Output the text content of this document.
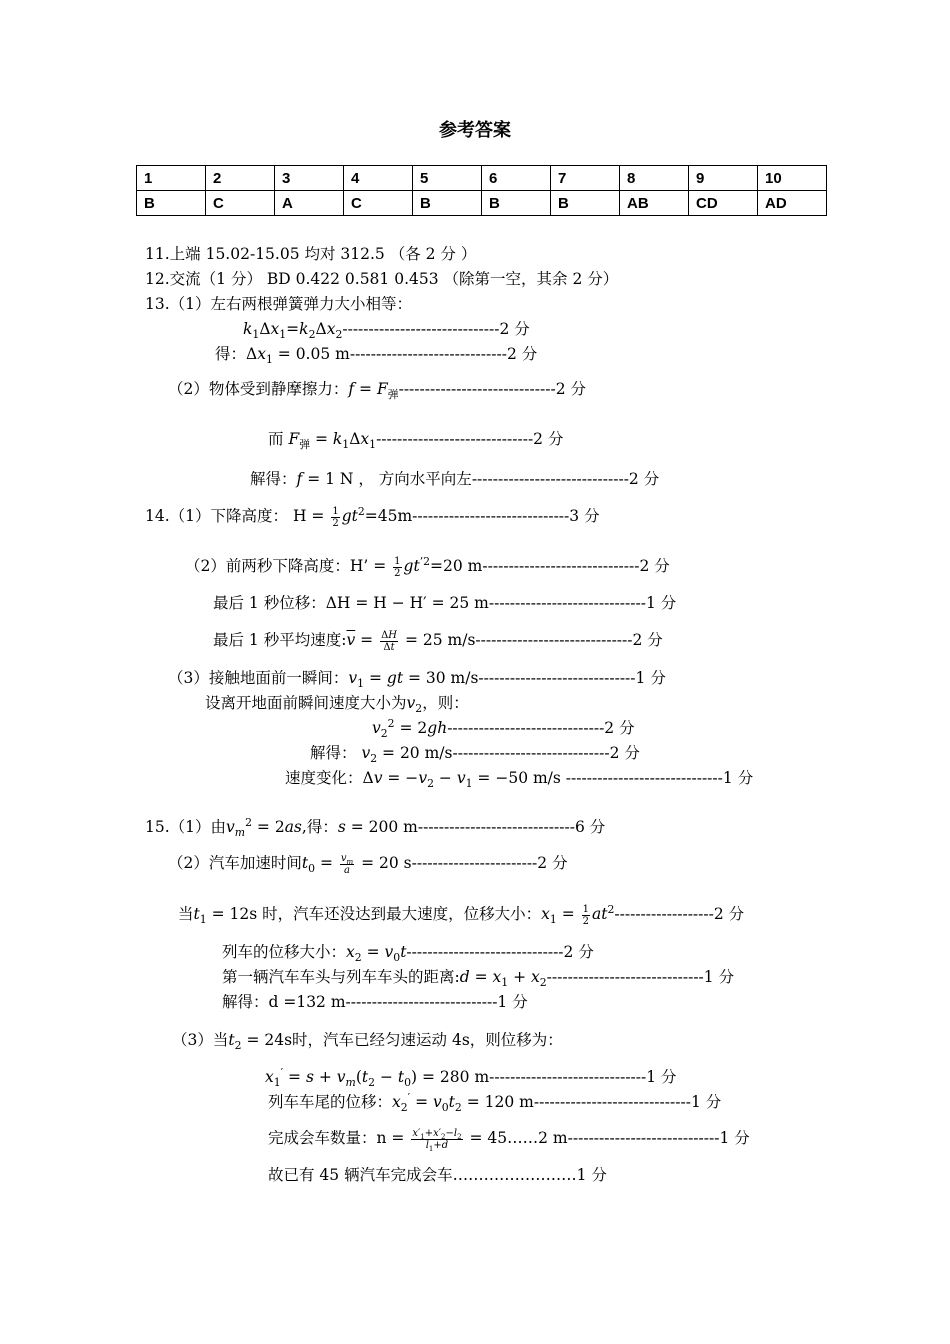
参考答案
1	2	3	4	5	6	7	8	9	10
B	C	A	C	B	B	B	AB	CD	AD
11.上端 15.02-15.05 均对 312.5 （各 2 分 ）
12.交流（1 分） BD 0.422 0.581 0.453 （除第一空，其余 2 分）
13.（1）左右两根弹簧弹力大小相等：
$k_1\Delta x_1=k_2\Delta x_2------------------------------2$ 分
得：$\Delta x_1 = 0.05$ m------------------------------2 分
（2）物体受到静摩擦力：$f = F_弹------------------------------2$ 分
而 $F_弹 = k_1\Delta x_1------------------------------2$ 分
解得：f = 1 N ， 方向水平向左------------------------------2 分
14.（1）下降高度： $H = \frac{1}{2} gt^2=45m------------------------------3$ 分
（2）前两秒下降高度：H’ = $\frac{1}{2} gt^{’2}=20$ m------------------------------2 分
最后 1 秒位移：ΔH = H − H′ = 25 m------------------------------1 分
最后 1 秒平均速度$:\overline{v} = \frac{\Delta H}{\Delta t} = 25$ m/s------------------------------2 分
（3）接触地面前一瞬间：$v_1$ = gt = 30 m/s------------------------------1 分
设离开地面前瞬间速度大小为$v_2$，则：
$v_2^2 = 2gh------------------------------2$ 分
解得： $v_2 = 20$ m/s------------------------------2 分
速度变化：$\Delta v = -v_2 - v_1 = -50$ m/s ------------------------------1 分
15.（1）由$v_m^2 = 2as$,得：s = 200 m------------------------------6 分
（2）汽车加速时间$t_0 = \frac{v_m}{a} = 20$ s------------------------2 分
当$t_1 = 12s$ 时，汽车还没达到最大速度，位移大小：$x_1 = \frac{1}{2} at^2-------------------2$ 分
列车的位移大小：$x_2 = v_0t------------------------------2$ 分
第一辆汽车车头与列车车头的距离:d = $x_1 + x_2------------------------------1$ 分
解得：d =132 m-----------------------------1 分
（3）当$t_2 = 24s$时，汽车已经匀速运动 4s，则位移为：
$x_1' = s + v_m(t_2 - t_0) = 280$ m------------------------------1 分
列车车尾的位移：$x_2' = v_0t_2 = 120$ m------------------------------1 分
完成会车数量：$n = \frac{x'_1+x'_2-l_2}{l_1+d}$ = 45……2 m-----------------------------1 分
故已有 45 辆汽车完成会车……………………1 分
